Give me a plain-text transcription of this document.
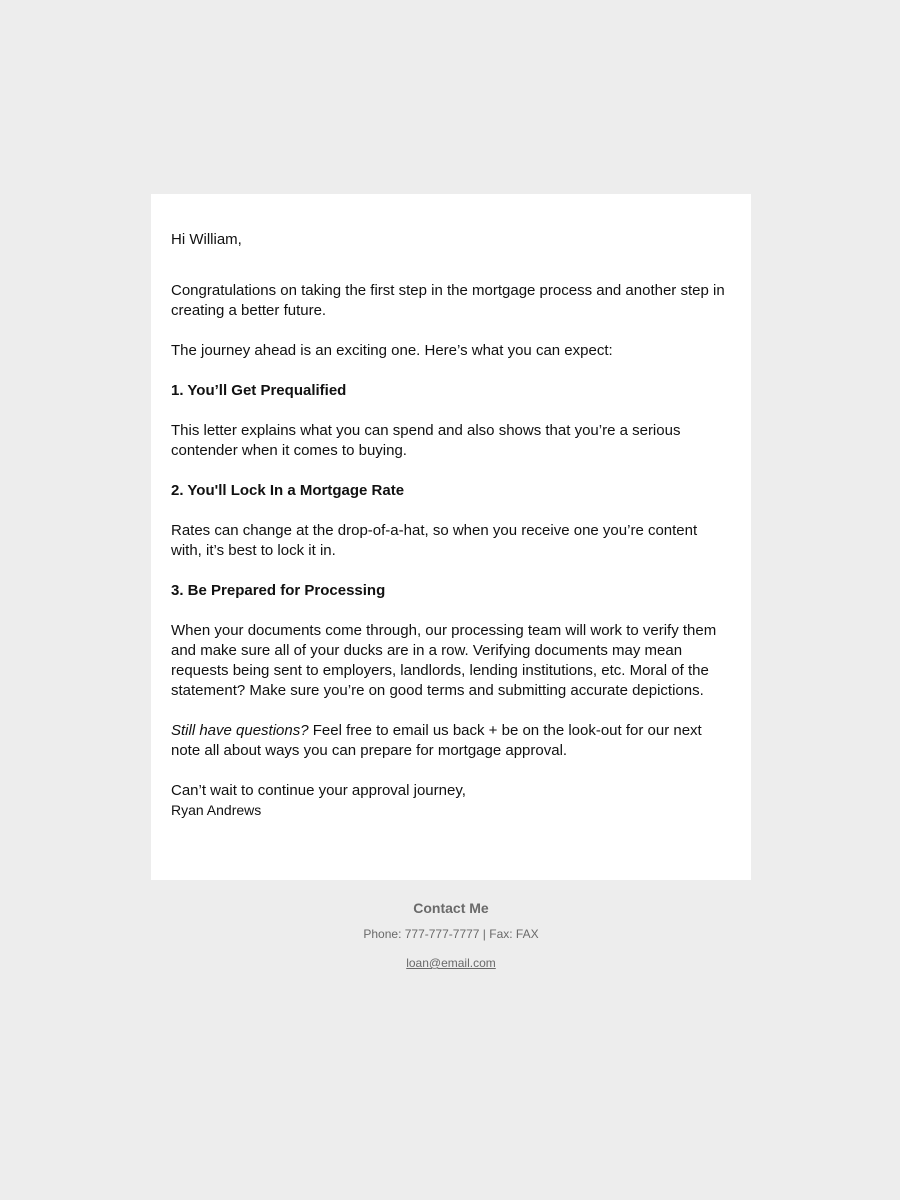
Hi William,

Congratulations on taking the first step in the mortgage process and another step in creating a better future.

The journey ahead is an exciting one. Here’s what you can expect:

1. You’ll Get Prequalified

This letter explains what you can spend and also shows that you’re a serious contender when it comes to buying.

2. You'll Lock In a Mortgage Rate

Rates can change at the drop-of-a-hat, so when you receive one you’re content with, it’s best to lock it in.

3. Be Prepared for Processing

When your documents come through, our processing team will work to verify them and make sure all of your ducks are in a row. Verifying documents may mean requests being sent to employers, landlords, lending institutions, etc. Moral of the statement? Make sure you’re on good terms and submitting accurate depictions.

Still have questions? Feel free to email us back + be on the look-out for our next note all about ways you can prepare for mortgage approval.

Can’t wait to continue your approval journey,

Ryan Andrews

Contact Me

Phone: 777-777-7777 | Fax: FAX

loan@email.com
